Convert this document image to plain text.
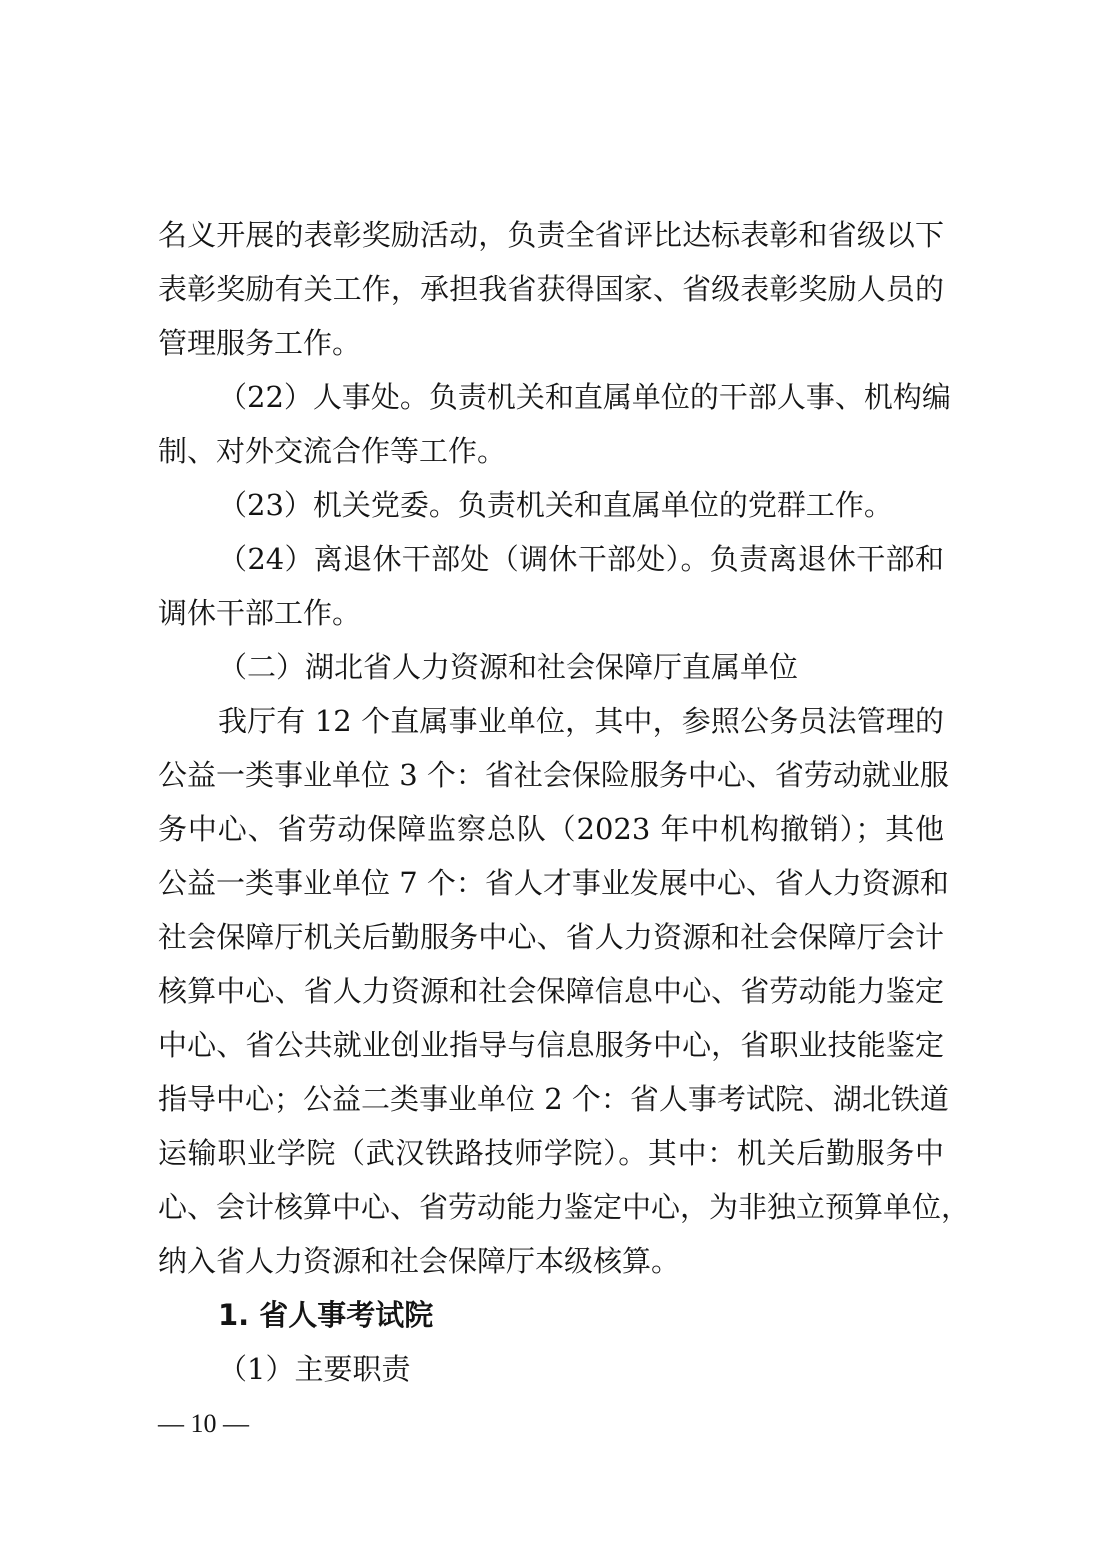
名义开展的表彰奖励活动，负责全省评比达标表彰和省级以下
表彰奖励有关工作，承担我省获得国家、省级表彰奖励人员的
管理服务工作。
（22）人事处。负责机关和直属单位的干部人事、机构编
制、对外交流合作等工作。
（23）机关党委。负责机关和直属单位的党群工作。
（24）离退休干部处（调休干部处）。负责离退休干部和
调休干部工作。
（二）湖北省人力资源和社会保障厅直属单位
我厅有 12 个直属事业单位，其中，参照公务员法管理的
公益一类事业单位 3 个：省社会保险服务中心、省劳动就业服
务中心、省劳动保障监察总队（2023 年中机构撤销）；其他
公益一类事业单位 7 个：省人才事业发展中心、省人力资源和
社会保障厅机关后勤服务中心、省人力资源和社会保障厅会计
核算中心、省人力资源和社会保障信息中心、省劳动能力鉴定
中心、省公共就业创业指导与信息服务中心，省职业技能鉴定
指导中心；公益二类事业单位 2 个：省人事考试院、湖北铁道
运输职业学院（武汉铁路技师学院）。其中：机关后勤服务中
心、会计核算中心、省劳动能力鉴定中心，为非独立预算单位，
纳入省人力资源和社会保障厅本级核算。
1. 省人事考试院
（1）主要职责
— 10 —
